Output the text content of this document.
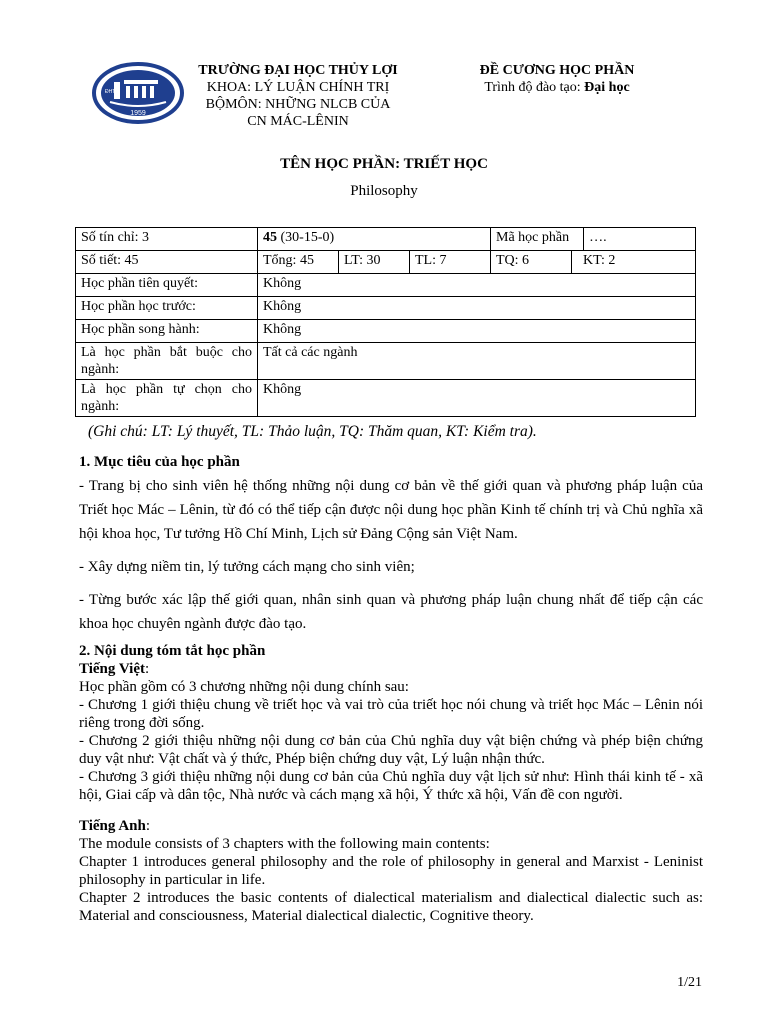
1959
ĐHTL
TRƯỜNG ĐẠI HỌC THỦY LỢI
KHOA: LÝ LUẬN CHÍNH TRỊ
BỘMÔN: NHỮNG NLCB CỦA
CN MÁC-LÊNIN
ĐỀ CƯƠNG HỌC PHẦN
Trình độ đào tạo: Đại học
TÊN HỌC PHẦN: TRIẾT HỌC
Philosophy
Số tín chỉ: 3	45 (30-15-0)			Mã học phần		….
Số tiết: 45	Tổng: 45	LT: 30	TL: 7	TQ: 6	KT: 2	
Học phần tiên quyết:	Không					
Học phần học trước:	Không					
Học phần song hành:	Không					
Là học phần bắt buộc cho ngành:	Tất cả các ngành					
Là học phần tự chọn cho ngành:	Không					
(Ghi chú: LT: Lý thuyết, TL: Thảo luận, TQ: Thăm quan, KT: Kiểm tra).

1. Mục tiêu của học phần

- Trang bị cho sinh viên hệ thống những nội dung cơ bản về thế giới quan và phương pháp luận của Triết học Mác – Lênin, từ đó có thể tiếp cận được nội dung học phần Kinh tế chính trị và Chủ nghĩa xã hội khoa học, Tư tưởng Hồ Chí Minh, Lịch sử Đảng Cộng sản Việt Nam.

- Xây dựng niềm tin, lý tưởng cách mạng cho sinh viên;

- Từng bước xác lập thế giới quan, nhân sinh quan và phương pháp luận chung nhất để tiếp cận các khoa học chuyên ngành được đào tạo.

2. Nội dung tóm tắt học phần

Tiếng Việt:

Học phần gồm có 3 chương những nội dung chính sau:

- Chương 1 giới thiệu chung về triết học và vai trò của triết học nói chung và triết học Mác – Lênin nói riêng trong đời sống.

- Chương 2 giới thiệu những nội dung cơ bản của Chủ nghĩa duy vật biện chứng và phép biện chứng duy vật như: Vật chất và ý thức, Phép biện chứng duy vật, Lý luận nhận thức.

- Chương 3 giới thiệu những nội dung cơ bản của Chủ nghĩa duy vật lịch sử như: Hình thái kinh tế - xã hội, Giai cấp và dân tộc, Nhà nước và cách mạng xã hội, Ý thức xã hội, Vấn đề con người.

Tiếng Anh:

The module consists of 3 chapters with the following main contents:

Chapter 1 introduces general philosophy and the role of philosophy in general and Marxist - Leninist philosophy in particular in life.

Chapter 2 introduces the basic contents of dialectical materialism and dialectical dialectic such as: Material and consciousness, Material dialectical dialectic, Cognitive theory.

1/21
